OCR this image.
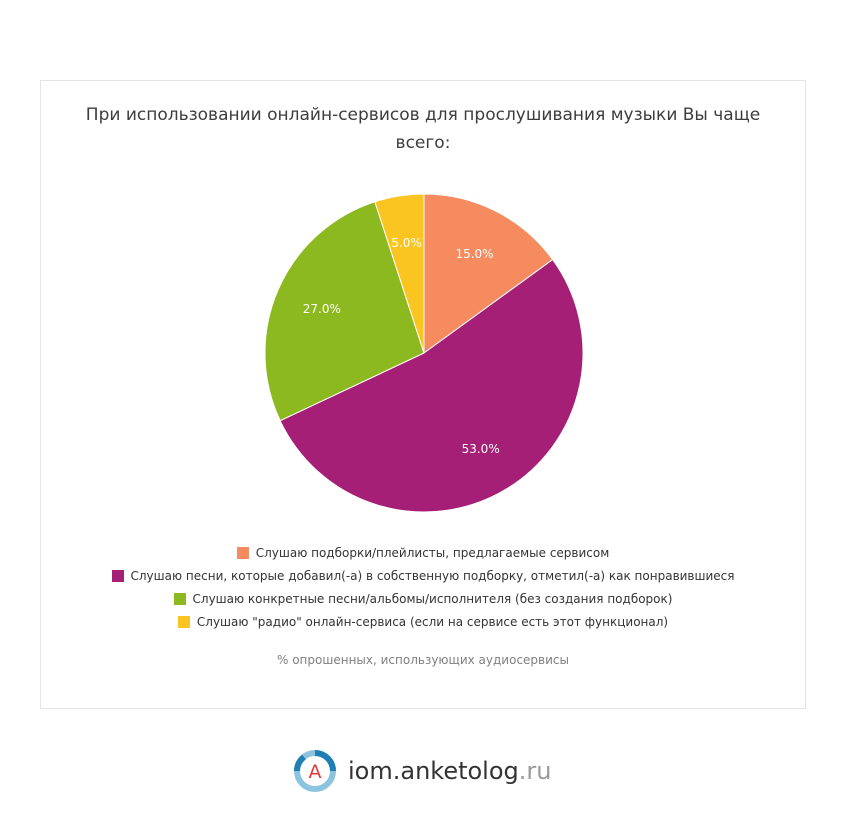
При использовании онлайн-сервисов для прослушивания музыки Вы чаще всего:
15.0%
53.0%
27.0%
5.0%
Слушаю подборки/плейлисты, предлагаемые сервисом
Слушаю песни, которые добавил(-а) в собственную подборку, отметил(-а) как понравившиеся
Слушаю конкретные песни/альбомы/исполнителя (без создания подборок)
Слушаю "радио" онлайн-сервиса (если на сервисе есть этот функционал)
% опрошенных, использующих аудиосервисы
А iom.anketolog .ru
